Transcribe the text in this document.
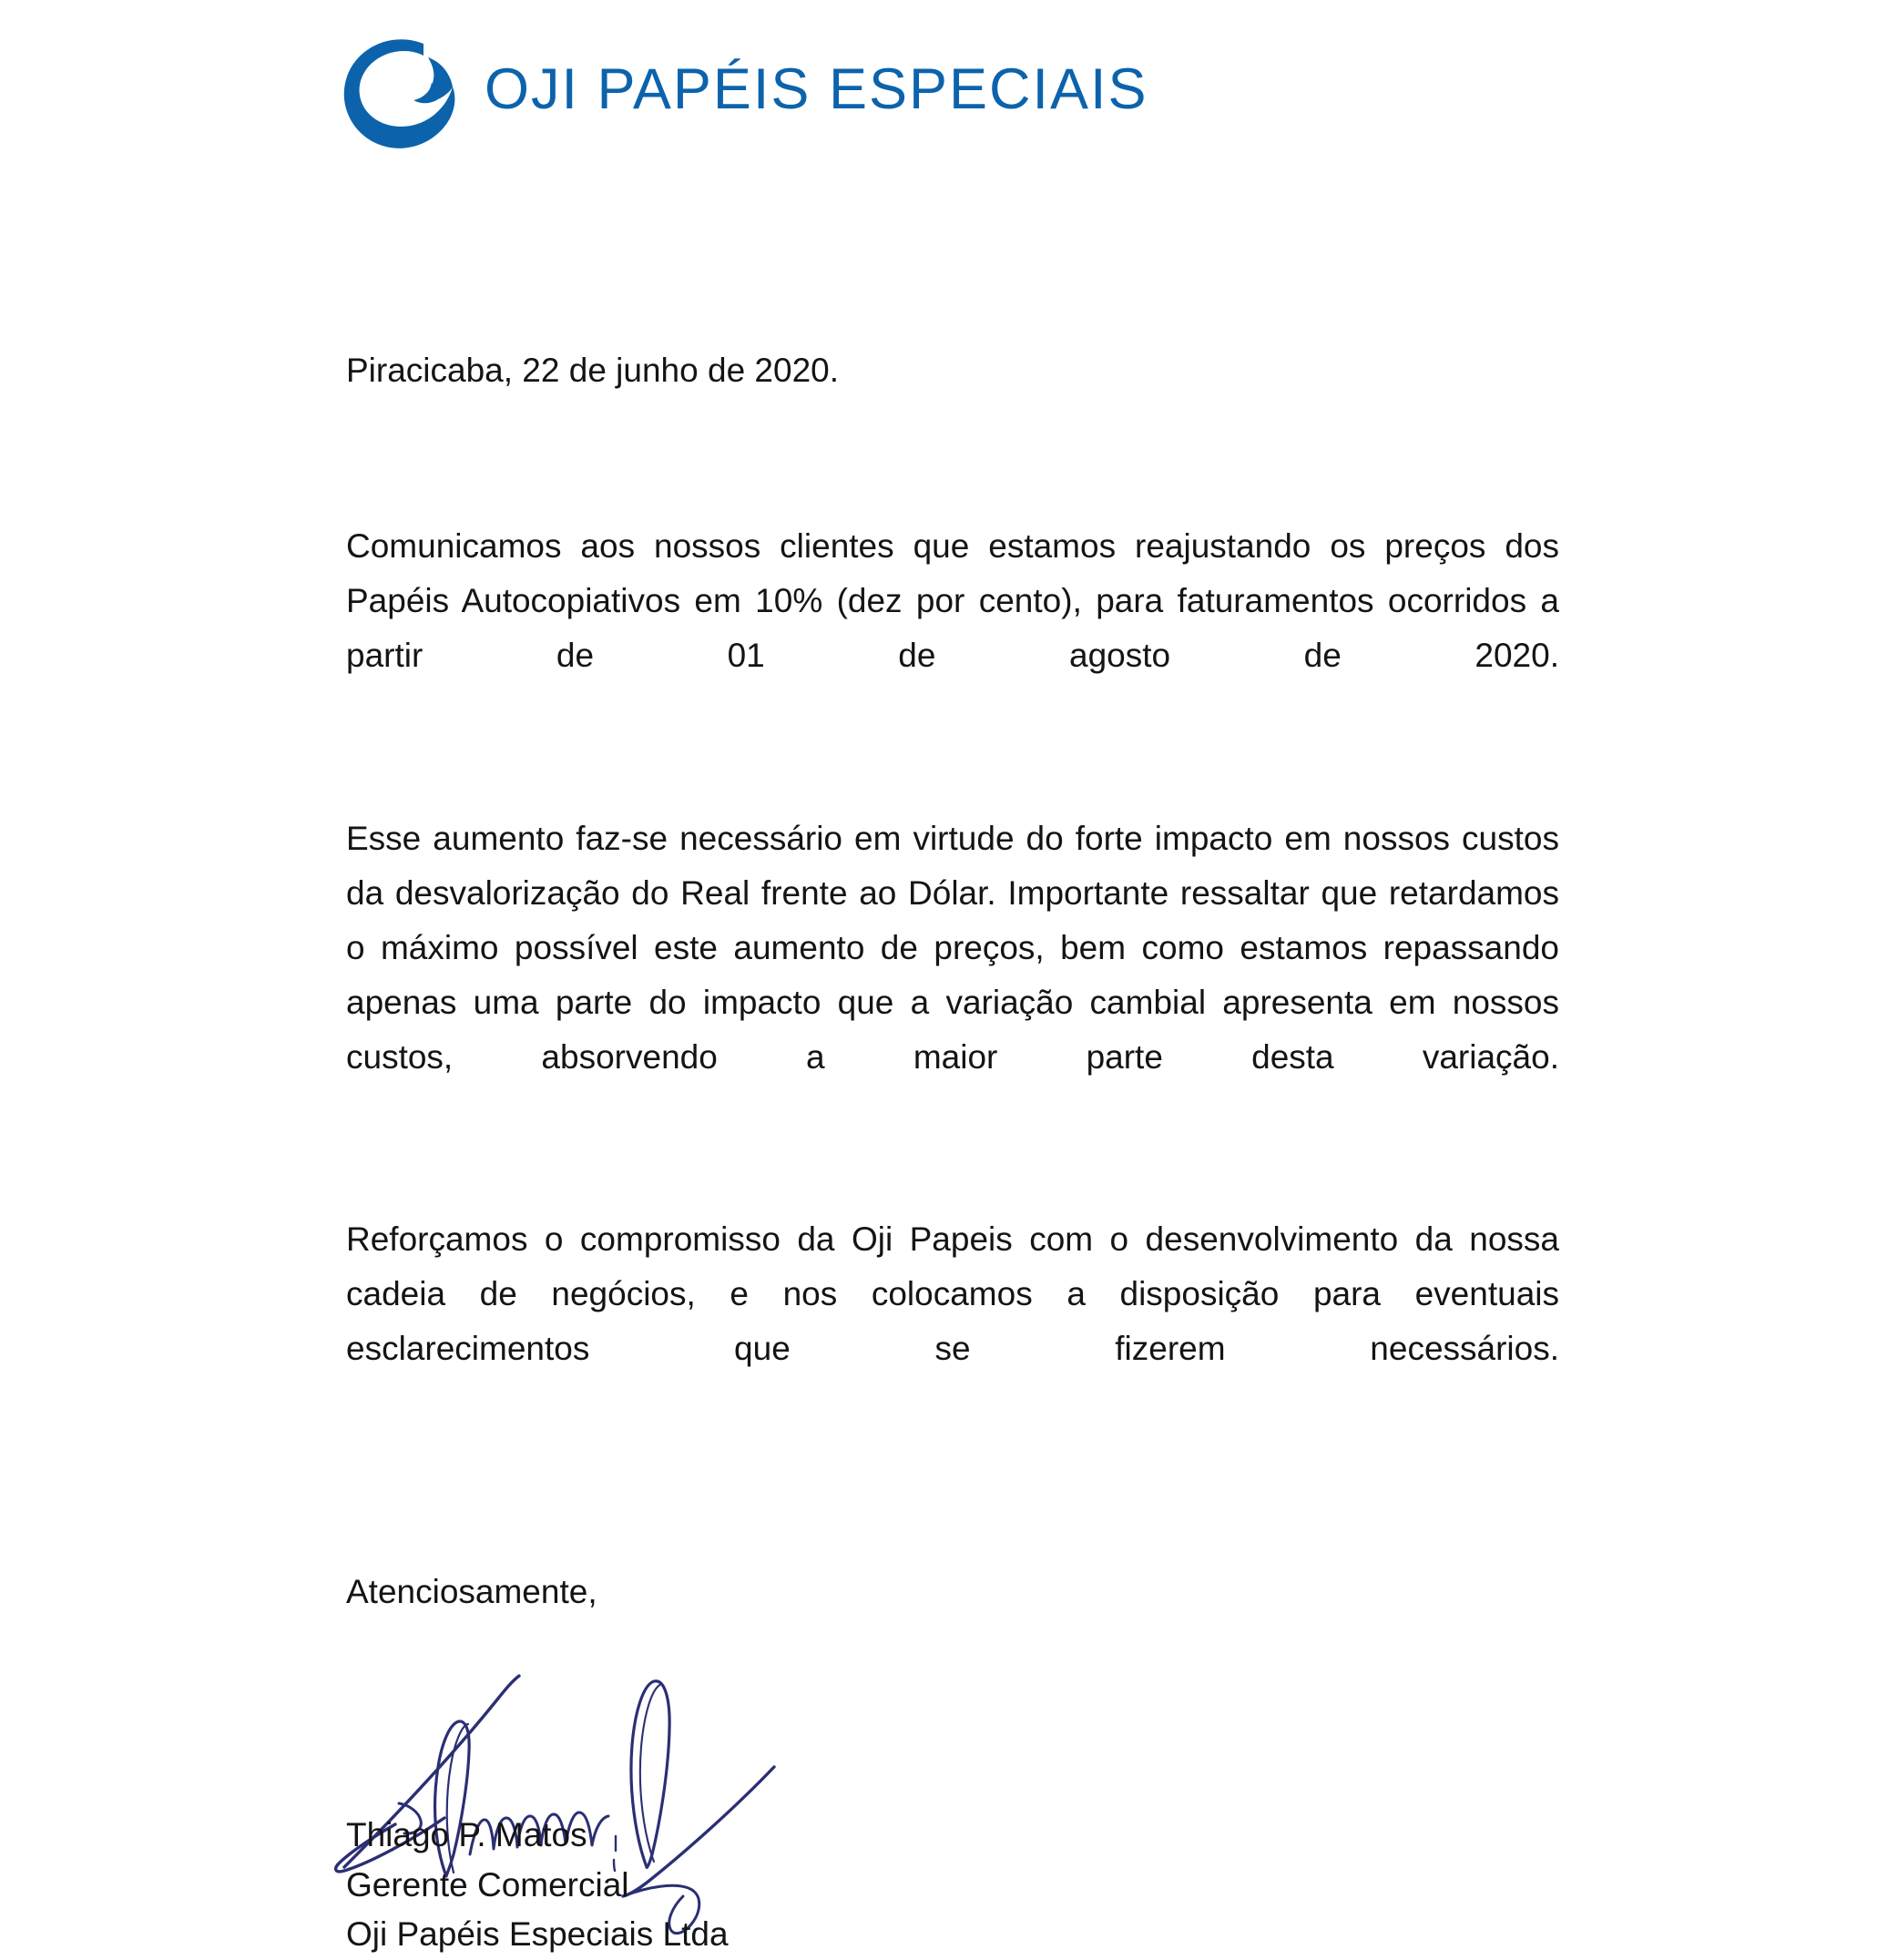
OJI PAPÉIS ESPECIAIS

Piracicaba, 22 de junho de 2020.

Comunicamos aos nossos clientes que estamos reajustando os preços dos Papéis Autocopiativos em 10% (dez por cento), para faturamentos ocorridos a partir de 01 de agosto de 2020.

Esse aumento faz-se necessário em virtude do forte impacto em nossos custos da desvalorização do Real frente ao Dólar. Importante ressaltar que retardamos o máximo possível este aumento de preços, bem como estamos repassando apenas uma parte do impacto que a variação cambial apresenta em nossos custos, absorvendo a maior parte desta variação.

Reforçamos o compromisso da Oji Papeis com o desenvolvimento da nossa cadeia de negócios, e nos colocamos a disposição para eventuais esclarecimentos que se fizerem necessários.

Atenciosamente,

Thiago P. Matos

Gerente Comercial

Oji Papéis Especiais Ltda
